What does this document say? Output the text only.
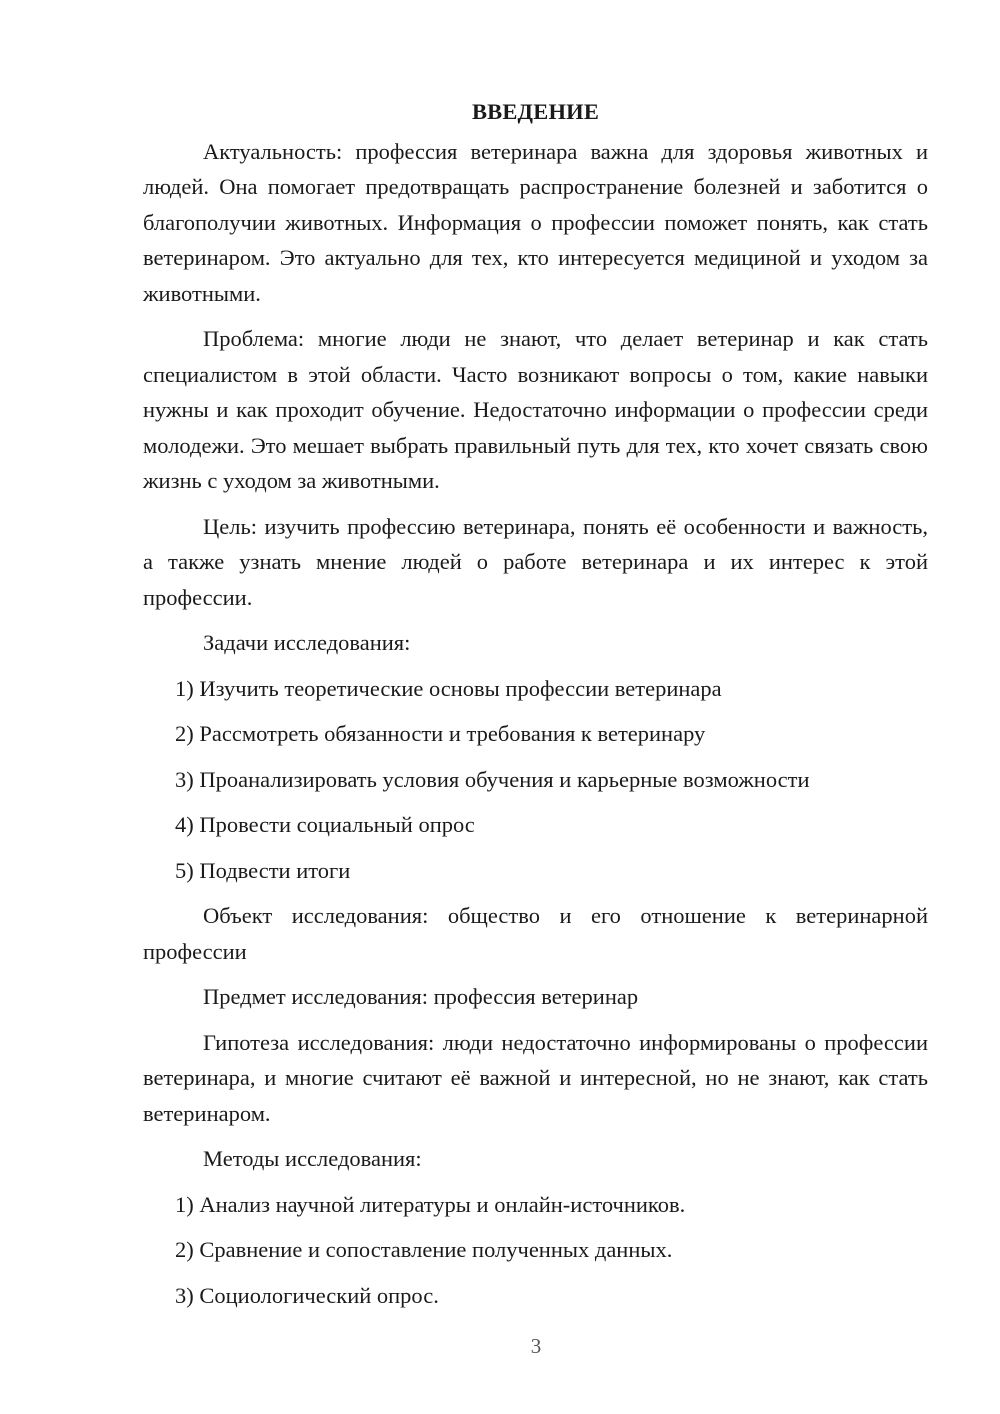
ВВЕДЕНИЕ

Актуальность: профессия ветеринара важна для здоровья животных и людей. Она помогает предотвращать распространение болезней и заботится о благополучии животных. Информация о профессии поможет понять, как стать ветеринаром. Это актуально для тех, кто интересуется медициной и уходом за животными.

Проблема: многие люди не знают, что делает ветеринар и как стать специалистом в этой области. Часто возникают вопросы о том, какие навыки нужны и как проходит обучение. Недостаточно информации о профессии среди молодежи. Это мешает выбрать правильный путь для тех, кто хочет связать свою жизнь с уходом за животными.

Цель: изучить профессию ветеринара, понять её особенности и важность, а также узнать мнение людей о работе ветеринара и их интерес к этой профессии.

Задачи исследования:

1) Изучить теоретические основы профессии ветеринара
2) Рассмотреть обязанности и требования к ветеринару
3) Проанализировать условия обучения и карьерные возможности
4) Провести социальный опрос
5) Подвести итоги

Объект исследования: общество и его отношение к ветеринарной профессии

Предмет исследования: профессия ветеринар

Гипотеза исследования: люди недостаточно информированы о профессии ветеринара, и многие считают её важной и интересной, но не знают, как стать ветеринаром.

Методы исследования:

1) Анализ научной литературы и онлайн-источников.
2) Сравнение и сопоставление полученных данных.
3) Социологический опрос.
3
